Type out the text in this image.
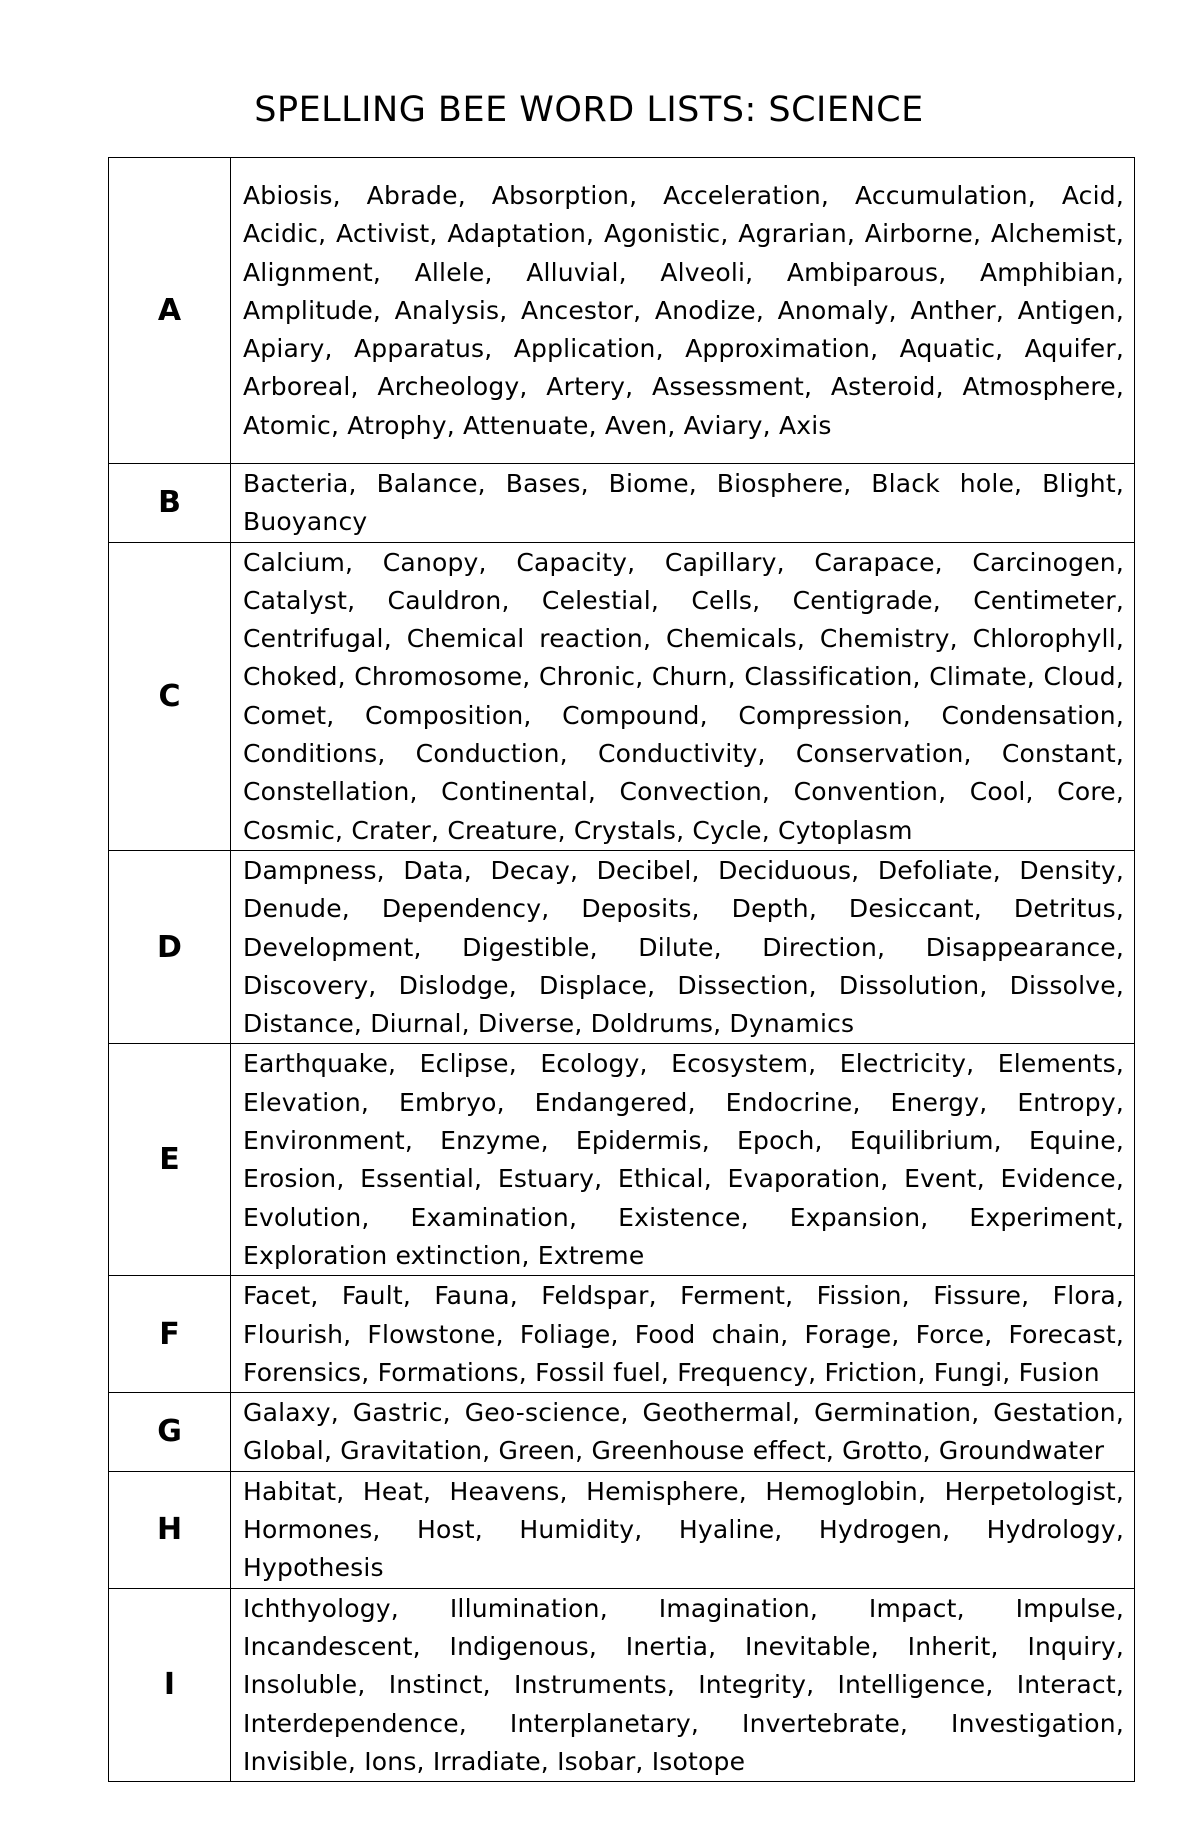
SPELLING BEE WORD LISTS: SCIENCE
A	Abiosis, Abrade, Absorption, Acceleration, Accumulation, Acid, Acidic, Activist, Adaptation, Agonistic, Agrarian, Airborne, Alchemist, Alignment, Allele, Alluvial, Alveoli, Ambiparous, Amphibian, Amplitude, Analysis, Ancestor, Anodize, Anomaly, Anther, Antigen, Apiary, Apparatus, Application, Approximation, Aquatic, Aquifer, Arboreal, Archeology, Artery, Assessment, Asteroid, Atmosphere, Atomic, Atrophy, Attenuate, Aven, Aviary, Axis
B	Bacteria, Balance, Bases, Biome, Biosphere, Black hole, Blight, Buoyancy
C	Calcium, Canopy, Capacity, Capillary, Carapace, Carcinogen, Catalyst, Cauldron, Celestial, Cells, Centigrade, Centimeter, Centrifugal, Chemical reaction, Chemicals, Chemistry, Chlorophyll, Choked, Chromosome, Chronic, Churn, Classification, Climate, Cloud, Comet, Composition, Compound, Compression, Condensation, Conditions, Conduction, Conductivity, Conservation, Constant, Constellation, Continental, Convection, Convention, Cool, Core, Cosmic, Crater, Creature, Crystals, Cycle, Cytoplasm
D	Dampness, Data, Decay, Decibel, Deciduous, Defoliate, Density, Denude, Dependency, Deposits, Depth, Desiccant, Detritus, Development, Digestible, Dilute, Direction, Disappearance, Discovery, Dislodge, Displace, Dissection, Dissolution, Dissolve, Distance, Diurnal, Diverse, Doldrums, Dynamics
E	Earthquake, Eclipse, Ecology, Ecosystem, Electricity, Elements, Elevation, Embryo, Endangered, Endocrine, Energy, Entropy, Environment, Enzyme, Epidermis, Epoch, Equilibrium, Equine, Erosion, Essential, Estuary, Ethical, Evaporation, Event, Evidence, Evolution, Examination, Existence, Expansion, Experiment, Exploration extinction, Extreme
F	Facet, Fault, Fauna, Feldspar, Ferment, Fission, Fissure, Flora, Flourish, Flowstone, Foliage, Food chain, Forage, Force, Forecast, Forensics, Formations, Fossil fuel, Frequency, Friction, Fungi, Fusion
G	Galaxy, Gastric, Geo-science, Geothermal, Germination, Gestation, Global, Gravitation, Green, Greenhouse effect, Grotto, Groundwater
H	Habitat, Heat, Heavens, Hemisphere, Hemoglobin, Herpetologist, Hormones, Host, Humidity, Hyaline, Hydrogen, Hydrology, Hypothesis
I	Ichthyology, Illumination, Imagination, Impact, Impulse, Incandescent, Indigenous, Inertia, Inevitable, Inherit, Inquiry, Insoluble, Instinct, Instruments, Integrity, Intelligence, Interact, Interdependence, Interplanetary, Invertebrate, Investigation, Invisible, Ions, Irradiate, Isobar, Isotope
